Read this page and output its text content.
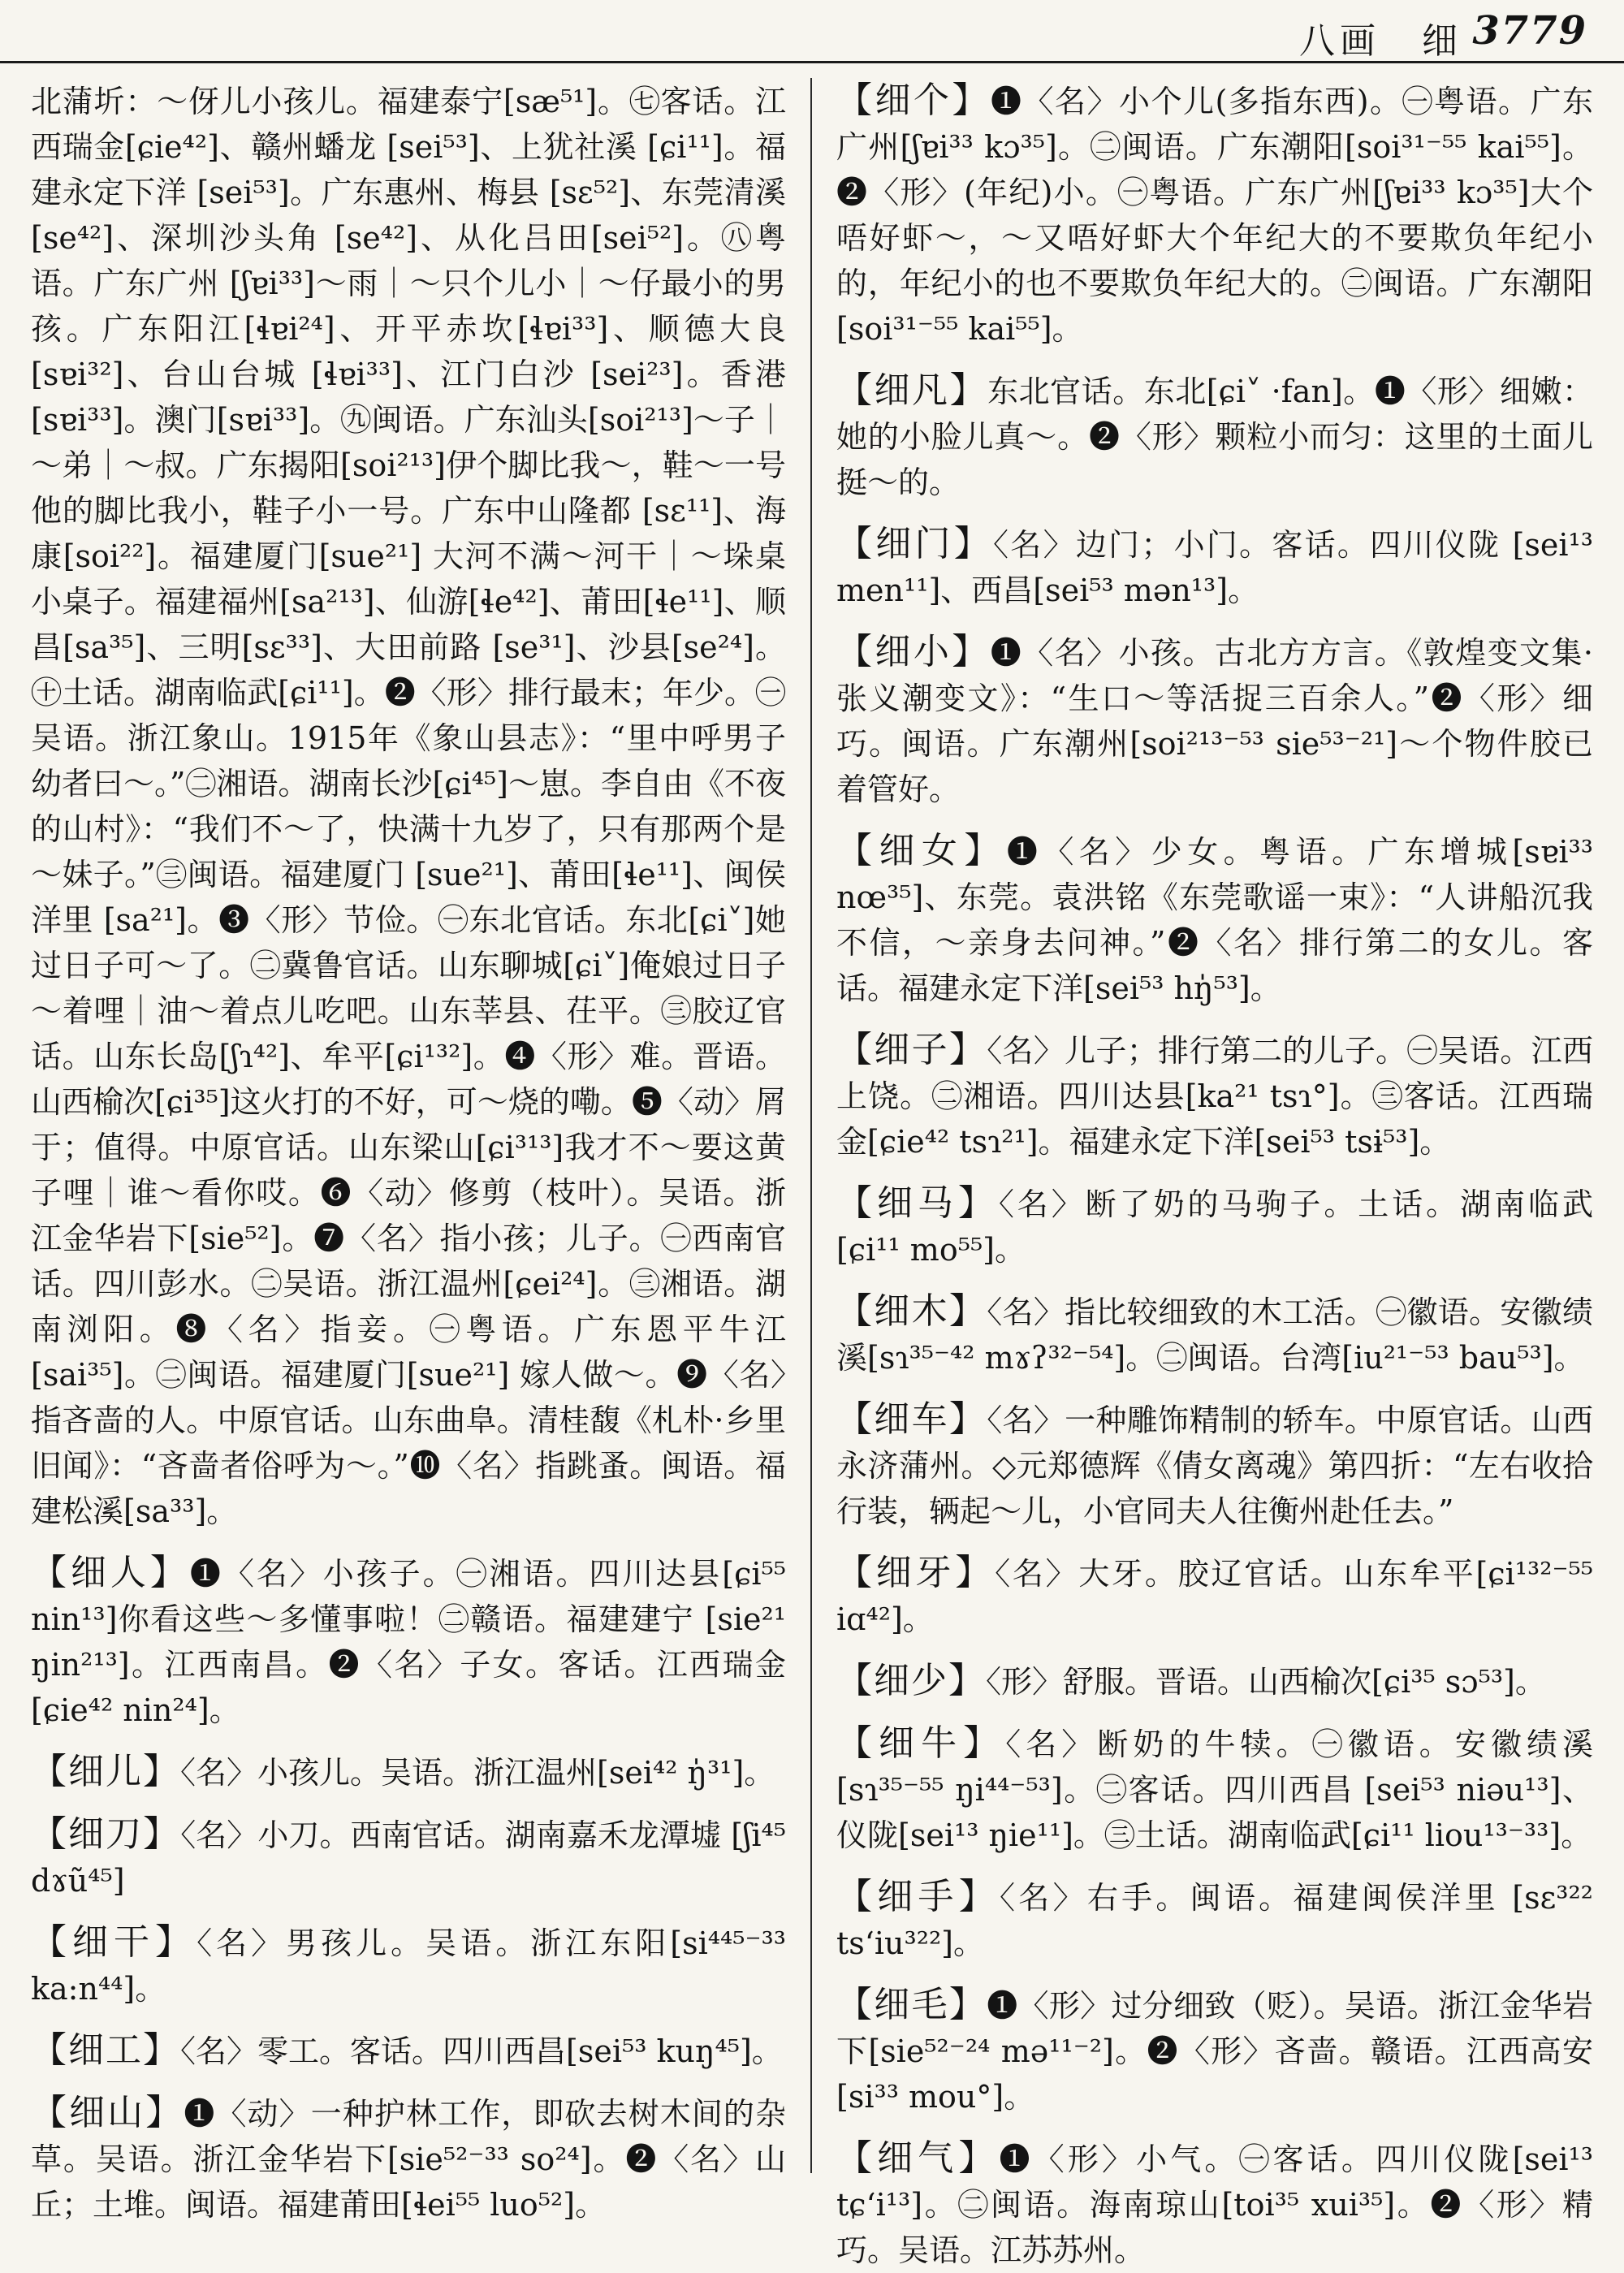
八画 细 3779
北蒲圻：～伢儿小孩儿。福建泰宁[sæ⁵¹]。㊆客话。江西瑞金[ɕie⁴²]、赣州蟠龙 [sei⁵³]、上犹社溪 [ɕi¹¹]。福建永定下洋 [sei⁵³]。广东惠州、梅县 [sɛ⁵²]、东莞清溪[se⁴²]、深圳沙头角 [se⁴²]、从化吕田[sei⁵²]。㊇粤语。广东广州 [ʃɐi³³]～雨｜～只个儿小｜～仔最小的男孩。广东阳江[ɬɐi²⁴]、开平赤坎[ɬɐi³³]、顺德大良[sɐi³²]、台山台城 [ɬɐi³³]、江门白沙 [sei²³]。香港[sɐi³³]。澳门[sɐi³³]。㊈闽语。广东汕头[soi²¹³]～子｜～弟｜～叔。广东揭阳[soi²¹³]伊个脚比我～，鞋～一号他的脚比我小，鞋子小一号。广东中山隆都 [sɛ¹¹]、海康[soi²²]。福建厦门[sue²¹] 大河不满～河干｜～垛桌小桌子。福建福州[sa²¹³]、仙游[ɬe⁴²]、莆田[ɬe¹¹]、顺昌[sa³⁵]、三明[sɛ³³]、大田前路 [se³¹]、沙县[se²⁴]。㊉土话。湖南临武[ɕi¹¹]。❷〈形〉排行最末；年少。㊀吴语。浙江象山。1915年《象山县志》：“里中呼男子幼者曰～。”㊁湘语。湖南长沙[ɕi⁴⁵]～崽。李自由《不夜的山村》：“我们不～了，快满十九岁了，只有那两个是～妹子。”㊂闽语。福建厦门 [sue²¹]、莆田[ɬe¹¹]、闽侯洋里 [sa²¹]。❸〈形〉节俭。㊀东北官话。东北[ɕi˅]她过日子可～了。㊁冀鲁官话。山东聊城[ɕi˅]俺娘过日子～着哩｜油～着点儿吃吧。山东莘县、茌平。㊂胶辽官话。山东长岛[ʃɿ⁴²]、牟平[ɕi¹³²]。❹〈形〉难。晋语。山西榆次[ɕi³⁵]这火打的不好，可～烧的嘞。❺〈动〉屑于；值得。中原官话。山东梁山[ɕi³¹³]我才不～要这黄子哩｜谁～看你哎。❻〈动〉修剪（枝叶）。吴语。浙江金华岩下[sie⁵²]。❼〈名〉指小孩；儿子。㊀西南官话。四川彭水。㊁吴语。浙江温州[ɕei²⁴]。㊂湘语。湖南浏阳。❽〈名〉指妾。㊀粤语。广东恩平牛江 [sai³⁵]。㊁闽语。福建厦门[sue²¹] 嫁人做～。❾〈名〉指吝啬的人。中原官话。山东曲阜。清桂馥《札朴·乡里旧闻》：“吝啬者俗呼为～。”❿〈名〉指跳蚤。闽语。福建松溪[sa³³]。
【细人】❶〈名〉小孩子。㊀湘语。四川达县[ɕi⁵⁵ nin¹³]你看这些～多懂事啦！㊁赣语。福建建宁 [sie²¹ ŋin²¹³]。江西南昌。❷〈名〉子女。客话。江西瑞金[ɕie⁴² nin²⁴]。
【细儿】〈名〉小孩儿。吴语。浙江温州[sei⁴² ŋ̍³¹]。
【细刀】〈名〉小刀。西南官话。湖南嘉禾龙潭墟 [ʃi⁴⁵ dɤũ⁴⁵]
【细干】〈名〉男孩儿。吴语。浙江东阳[si⁴⁴⁵⁻³³ ka:n⁴⁴]。
【细工】〈名〉零工。客话。四川西昌[sei⁵³ kuŋ⁴⁵]。
【细山】❶〈动〉一种护林工作，即砍去树木间的杂草。吴语。浙江金华岩下[sie⁵²⁻³³ so²⁴]。❷〈名〉山丘；土堆。闽语。福建莆田[ɬei⁵⁵ luo⁵²]。
【细个】❶〈名〉小个儿(多指东西)。㊀粤语。广东广州[ʃɐi³³ kɔ³⁵]。㊁闽语。广东潮阳[soi³¹⁻⁵⁵ kai⁵⁵]。❷〈形〉(年纪)小。㊀粤语。广东广州[ʃɐi³³ kɔ³⁵]大个唔好虾～，～又唔好虾大个年纪大的不要欺负年纪小的，年纪小的也不要欺负年纪大的。㊁闽语。广东潮阳[soi³¹⁻⁵⁵ kai⁵⁵]。
【细凡】东北官话。东北[ɕi˅ ·fan]。❶〈形〉细嫩：她的小脸儿真～。❷〈形〉颗粒小而匀：这里的土面儿挺～的。
【细门】〈名〉边门；小门。客话。四川仪陇 [sei¹³ men¹¹]、西昌[sei⁵³ mən¹³]。
【细小】❶〈名〉小孩。古北方方言。《敦煌变文集·张义潮变文》：“生口～等活捉三百余人。”❷〈形〉细巧。闽语。广东潮州[soi²¹³⁻⁵³ sie⁵³⁻²¹]～个物件胶已着管好。
【细女】❶〈名〉少女。粤语。广东增城[sɐi³³ nœ³⁵]、东莞。袁洪铭《东莞歌谣一束》：“人讲船沉我不信，～亲身去问神。”❷〈名〉排行第二的女儿。客话。福建永定下洋[sei⁵³ hŋ̍⁵³]。
【细子】〈名〉儿子；排行第二的儿子。㊀吴语。江西上饶。㊁湘语。四川达县[ka²¹ tsɿ°]。㊂客话。江西瑞金[ɕie⁴² tsɿ²¹]。福建永定下洋[sei⁵³ tsɨ⁵³]。
【细马】〈名〉断了奶的马驹子。土话。湖南临武 [ɕi¹¹ mo⁵⁵]。
【细木】〈名〉指比较细致的木工活。㊀徽语。安徽绩溪[sɿ³⁵⁻⁴² mɤʔ³²⁻⁵⁴]。㊁闽语。台湾[iu²¹⁻⁵³ bau⁵³]。
【细车】〈名〉一种雕饰精制的轿车。中原官话。山西永济蒲州。◇元郑德辉《倩女离魂》第四折：“左右收拾行装，辆起～儿，小官同夫人往衡州赴任去。”
【细牙】〈名〉大牙。胶辽官话。山东牟平[ɕi¹³²⁻⁵⁵ iɑ⁴²]。
【细少】〈形〉舒服。晋语。山西榆次[ɕi³⁵ sɔ⁵³]。
【细牛】〈名〉断奶的牛犊。㊀徽语。安徽绩溪 [sɿ³⁵⁻⁵⁵ ŋi⁴⁴⁻⁵³]。㊁客话。四川西昌 [sei⁵³ niəu¹³]、仪陇[sei¹³ ŋie¹¹]。㊂土话。湖南临武[ɕi¹¹ liou¹³⁻³³]。
【细手】〈名〉右手。闽语。福建闽侯洋里 [sɛ³²² tsʻiu³²²]。
【细毛】❶〈形〉过分细致（贬）。吴语。浙江金华岩下[sie⁵²⁻²⁴ mə¹¹⁻²]。❷〈形〉吝啬。赣语。江西高安[si³³ mou°]。
【细气】❶〈形〉小气。㊀客话。四川仪陇[sei¹³ tɕʻi¹³]。㊁闽语。海南琼山[toi³⁵ xui³⁵]。❷〈形〉精巧。吴语。江苏苏州。
